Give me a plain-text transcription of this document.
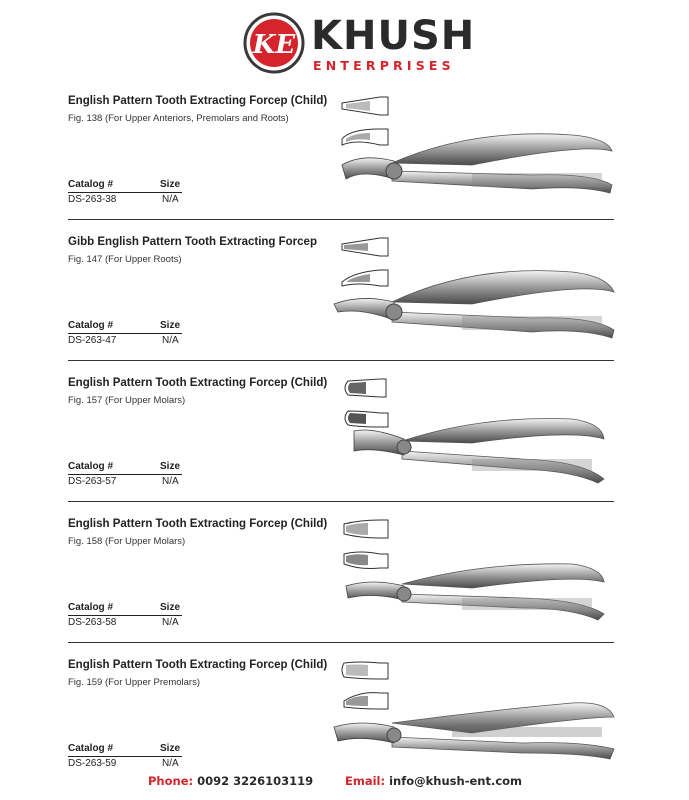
KE KHUSH
ENTERPRISES
English Pattern Tooth Extracting Forcep (Child)
Fig. 138 (For Upper Anteriors, Premolars and Roots)
Catalog #	Size
DS-263-38	N/A
Gibb English Pattern Tooth Extracting Forcep
Fig. 147 (For Upper Roots)
Catalog #	Size
DS-263-47	N/A
English Pattern Tooth Extracting Forcep (Child)
Fig. 157 (For Upper Molars)
Catalog #	Size
DS-263-57	N/A
English Pattern Tooth Extracting Forcep (Child)
Fig. 158 (For Upper Molars)
Catalog #	Size
DS-263-58	N/A
English Pattern Tooth Extracting Forcep (Child)
Fig. 159 (For Upper Premolars)
Catalog #	Size
DS-263-59	N/A
Phone: 0092 3226103119	Email: info@khush-ent.com
